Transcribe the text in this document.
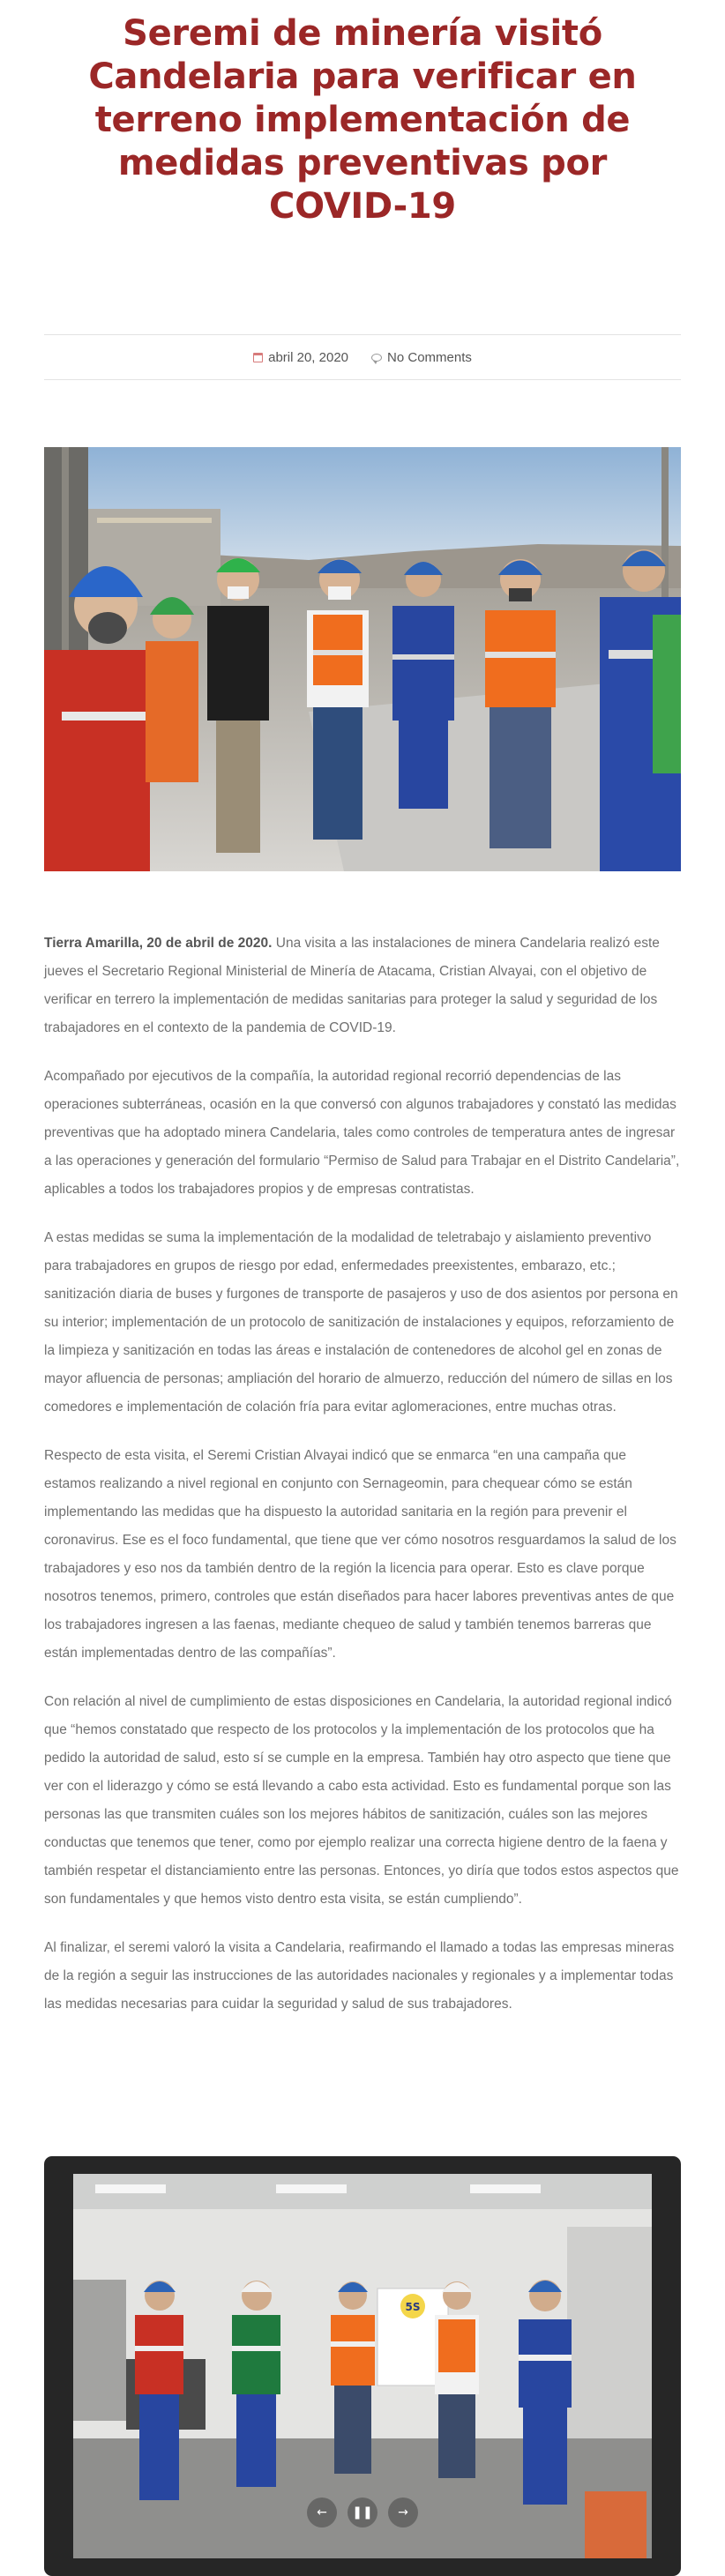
Seremi de minería visitó Candelaria para verificar en terreno implementación de medidas preventivas por COVID-19
abril 20, 2020	No Comments

Tierra Amarilla, 20 de abril de 2020. Una visita a las instalaciones de minera Candelaria realizó este jueves el Secretario Regional Ministerial de Minería de Atacama, Cristian Alvayai, con el objetivo de verificar en terrero la implementación de medidas sanitarias para proteger la salud y seguridad de los trabajadores en el contexto de la pandemia de COVID-19.

Acompañado por ejecutivos de la compañía, la autoridad regional recorrió dependencias de las operaciones subterráneas, ocasión en la que conversó con algunos trabajadores y constató las medidas preventivas que ha adoptado minera Candelaria, tales como controles de temperatura antes de ingresar a las operaciones y generación del formulario “Permiso de Salud para Trabajar en el Distrito Candelaria”, aplicables a todos los trabajadores propios y de empresas contratistas.

A estas medidas se suma la implementación de la modalidad de teletrabajo y aislamiento preventivo para trabajadores en grupos de riesgo por edad, enfermedades preexistentes, embarazo, etc.; sanitización diaria de buses y furgones de transporte de pasajeros y uso de dos asientos por persona en su interior; implementación de un protocolo de sanitización de instalaciones y equipos, reforzamiento de la limpieza y sanitización en todas las áreas e instalación de contenedores de alcohol gel en zonas de mayor afluencia de personas; ampliación del horario de almuerzo, reducción del número de sillas en los comedores e implementación de colación fría para evitar aglomeraciones, entre muchas otras.

Respecto de esta visita, el Seremi Cristian Alvayai indicó que se enmarca “en una campaña que estamos realizando a nivel regional en conjunto con Sernageomin, para chequear cómo se están implementando las medidas que ha dispuesto la autoridad sanitaria en la región para prevenir el coronavirus. Ese es el foco fundamental, que tiene que ver cómo nosotros resguardamos la salud de los trabajadores y eso nos da también dentro de la región la licencia para operar. Esto es clave porque nosotros tenemos, primero, controles que están diseñados para hacer labores preventivas antes de que los trabajadores ingresen a las faenas, mediante chequeo de salud y también tenemos barreras que están implementadas dentro de las compañías”.

Con relación al nivel de cumplimiento de estas disposiciones en Candelaria, la autoridad regional indicó que “hemos constatado que respecto de los protocolos y la implementación de los protocolos que ha pedido la autoridad de salud, esto sí se cumple en la empresa. También hay otro aspecto que tiene que ver con el liderazgo y cómo se está llevando a cabo esta actividad. Esto es fundamental porque son las personas las que transmiten cuáles son los mejores hábitos de sanitización, cuáles son las mejores conductas que tenemos que tener, como por ejemplo realizar una correcta higiene dentro de la faena y también respetar el distanciamiento entre las personas. Entonces, yo diría que todos estos aspectos que son fundamentales y que hemos visto dentro esta visita, se están cumpliendo”.

Al finalizar, el seremi valoró la visita a Candelaria, reafirmando el llamado a todas las empresas mineras de la región a seguir las instrucciones de las autoridades nacionales y regionales y a implementar todas las medidas necesarias para cuidar la seguridad y salud de sus trabajadores.

5S
←	❚❚	→
